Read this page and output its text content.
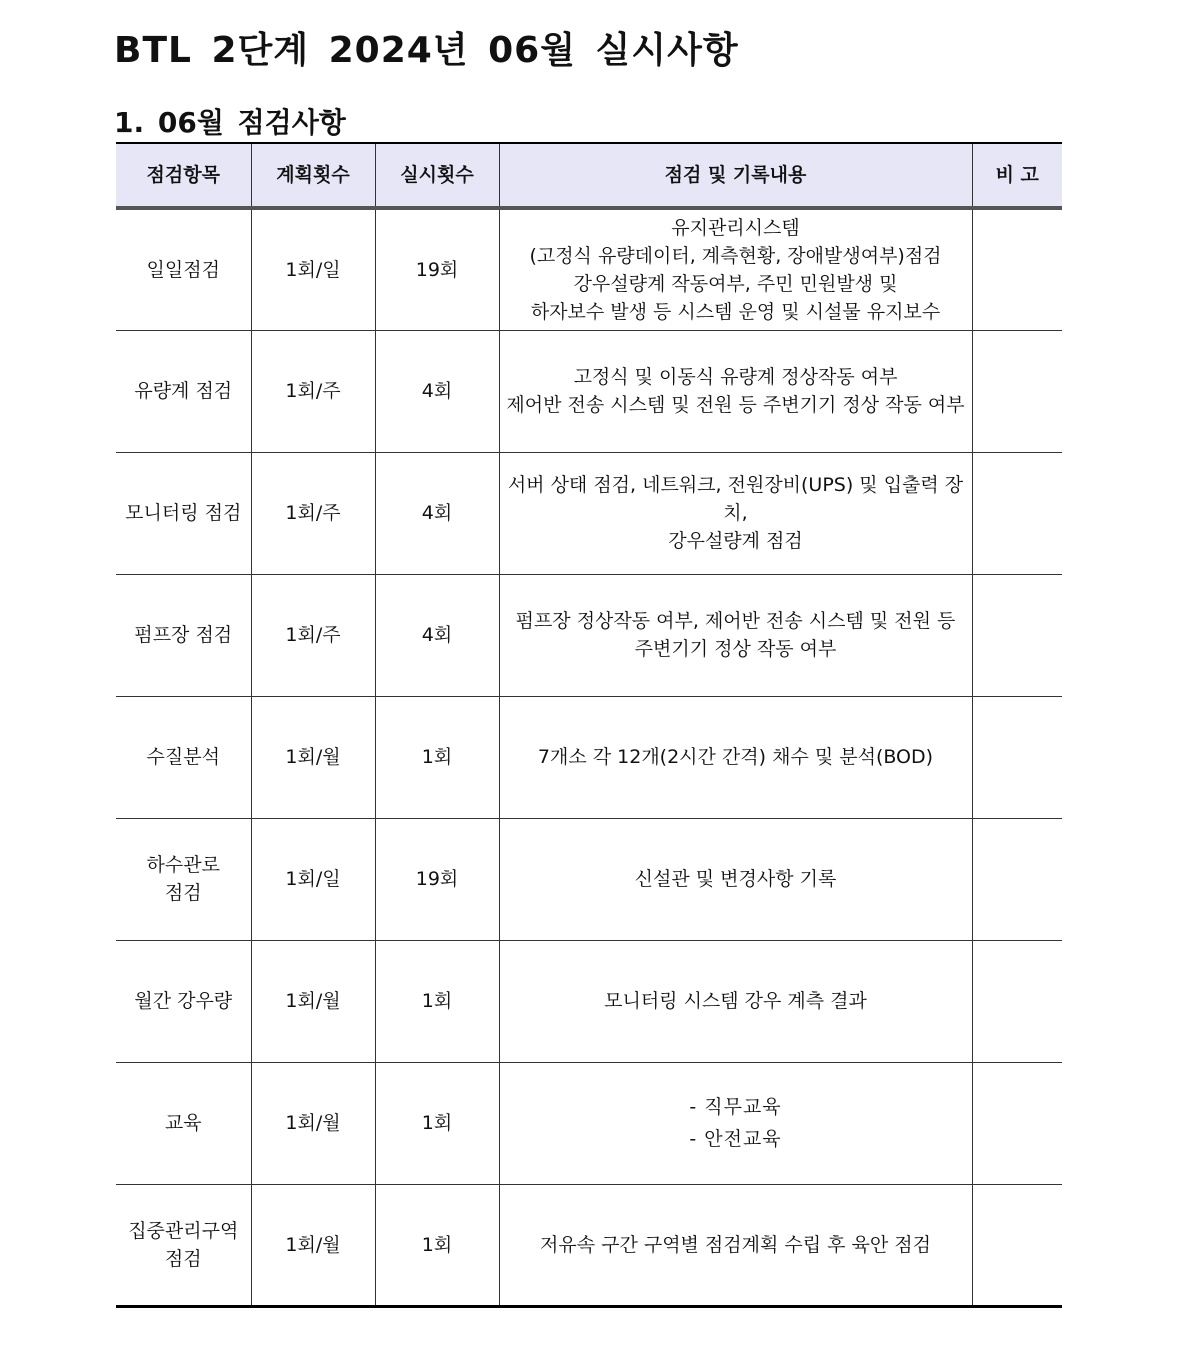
BTL 2단계 2024년 06월 실시사항
1. 06월 점검사항
점검항목	계획횟수	실시횟수	점검 및 기록내용	비 고

일일점검	1회/일	19회	유지관리시스템
(고정식 유량데이터, 계측현황, 장애발생여부)점검
강우설량계 작동여부, 주민 민원발생 및
하자보수 발생 등 시스템 운영 및 시설물 유지보수	

유량계 점검	1회/주	4회	고정식 및 이동식 유량계 정상작동 여부
제어반 전송 시스템 및 전원 등 주변기기 정상 작동 여부	

모니터링 점검	1회/주	4회	서버 상태 점검, 네트워크, 전원장비(UPS) 및 입출력 장치,
강우설량계 점검	

펌프장 점검	1회/주	4회	펌프장 정상작동 여부, 제어반 전송 시스템 및 전원 등
주변기기 정상 작동 여부	

수질분석	1회/월	1회	7개소 각 12개(2시간 간격) 채수 및 분석(BOD)	

하수관로
점검	1회/일	19회	신설관 및 변경사항 기록	

월간 강우량	1회/월	1회	모니터링 시스템 강우 계측 결과	

교육	1회/월	1회	- 직무교육
- 안전교육	

집중관리구역
점검	1회/월	1회	저유속 구간 구역별 점검계획 수립 후 육안 점검	
